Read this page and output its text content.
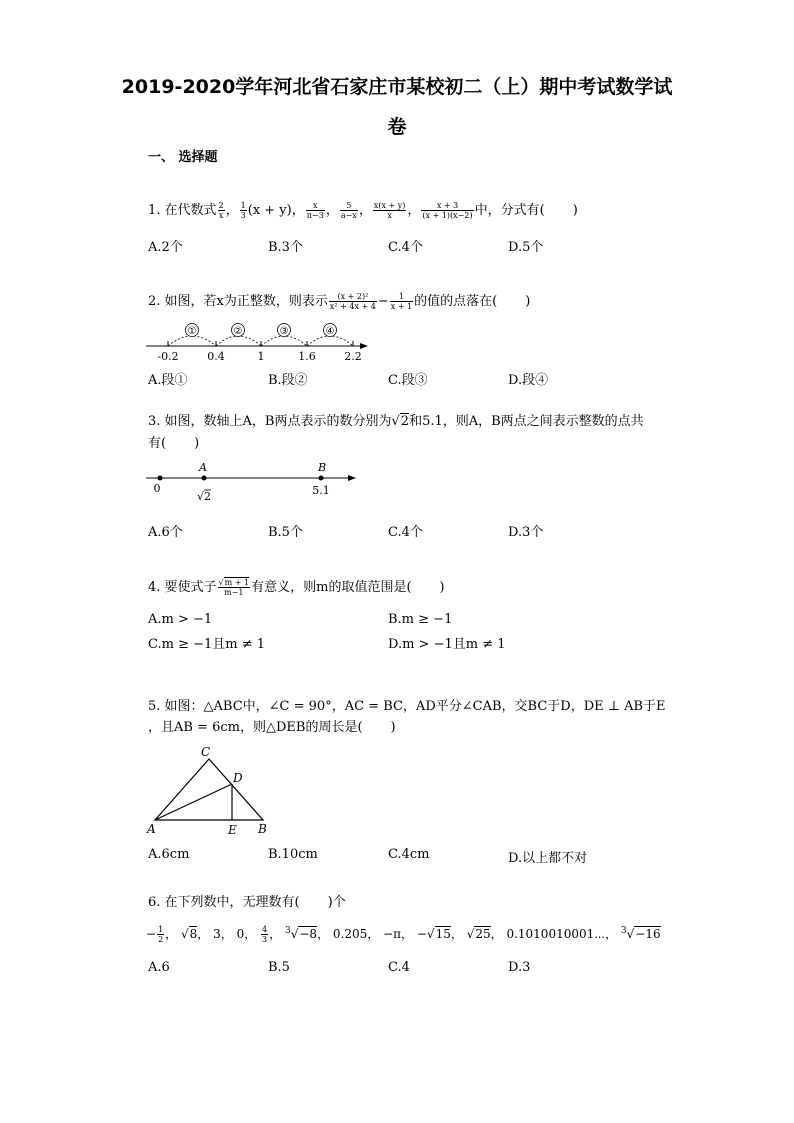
2019-2020学年河北省石家庄市某校初二（上）期中考试数学试
卷
一、 选择题
1. 在代数式 $\frac{2}{x}$ ， $\frac{1}{3} (x + y)$， $\frac{x}{\pi-3}$ ， $\frac{5}{a-x}$ ， $\frac{x(x + y)}{x}$ ， $\frac{x + 3}{(x + 1)(x-2)}$ 中，分式有( )
A.2个	B.3个	C.4个	D.5个
2. 如图，若x为正整数，则表示 $\frac{\text{(x + 2)²}}{\text{x² + 4x + 4}} - \frac{1}{x + 1}$ 的值的点落在( )
①	②	③	④
-0.2	0.4	1	1.6	2.2
A.段①	B.段②	C.段③	D.段④
3. 如图，数轴上A，B两点表示的数分别为√2和5.1，则A，B两点之间表示整数的点共
有( )
A	B
0
√ 2	5.1
A.6个	B.5个	C.4个	D.3个
4. 要使式子 $\frac{√m + 1}{m-1}$ 有意义，则m的取值范围是( )
A.m > −1	B.m ≥ −1
C.m ≥ −1且m ≠ 1	D.m > −1且m ≠ 1
5. 如图：△ABC中，∠C = 90°，AC = BC，AD平分∠CAB，交BC于D，DE ⊥ AB于E
，且AB = 6cm，则△DEB的周长是( )
C
D
A	E B
A.6cm	B.10cm	C.4cm	D.以上都不对
6. 在下列数中，无理数有( )个
− $\frac{1}{2}$ ， √8， 3， 0， $\frac{4}{3}$ ， $^3$√−8， 0.205， −π， −√15， √25， 0.1010010001⋯， $^3$√−16
A.6	B.5	C.4	D.3
